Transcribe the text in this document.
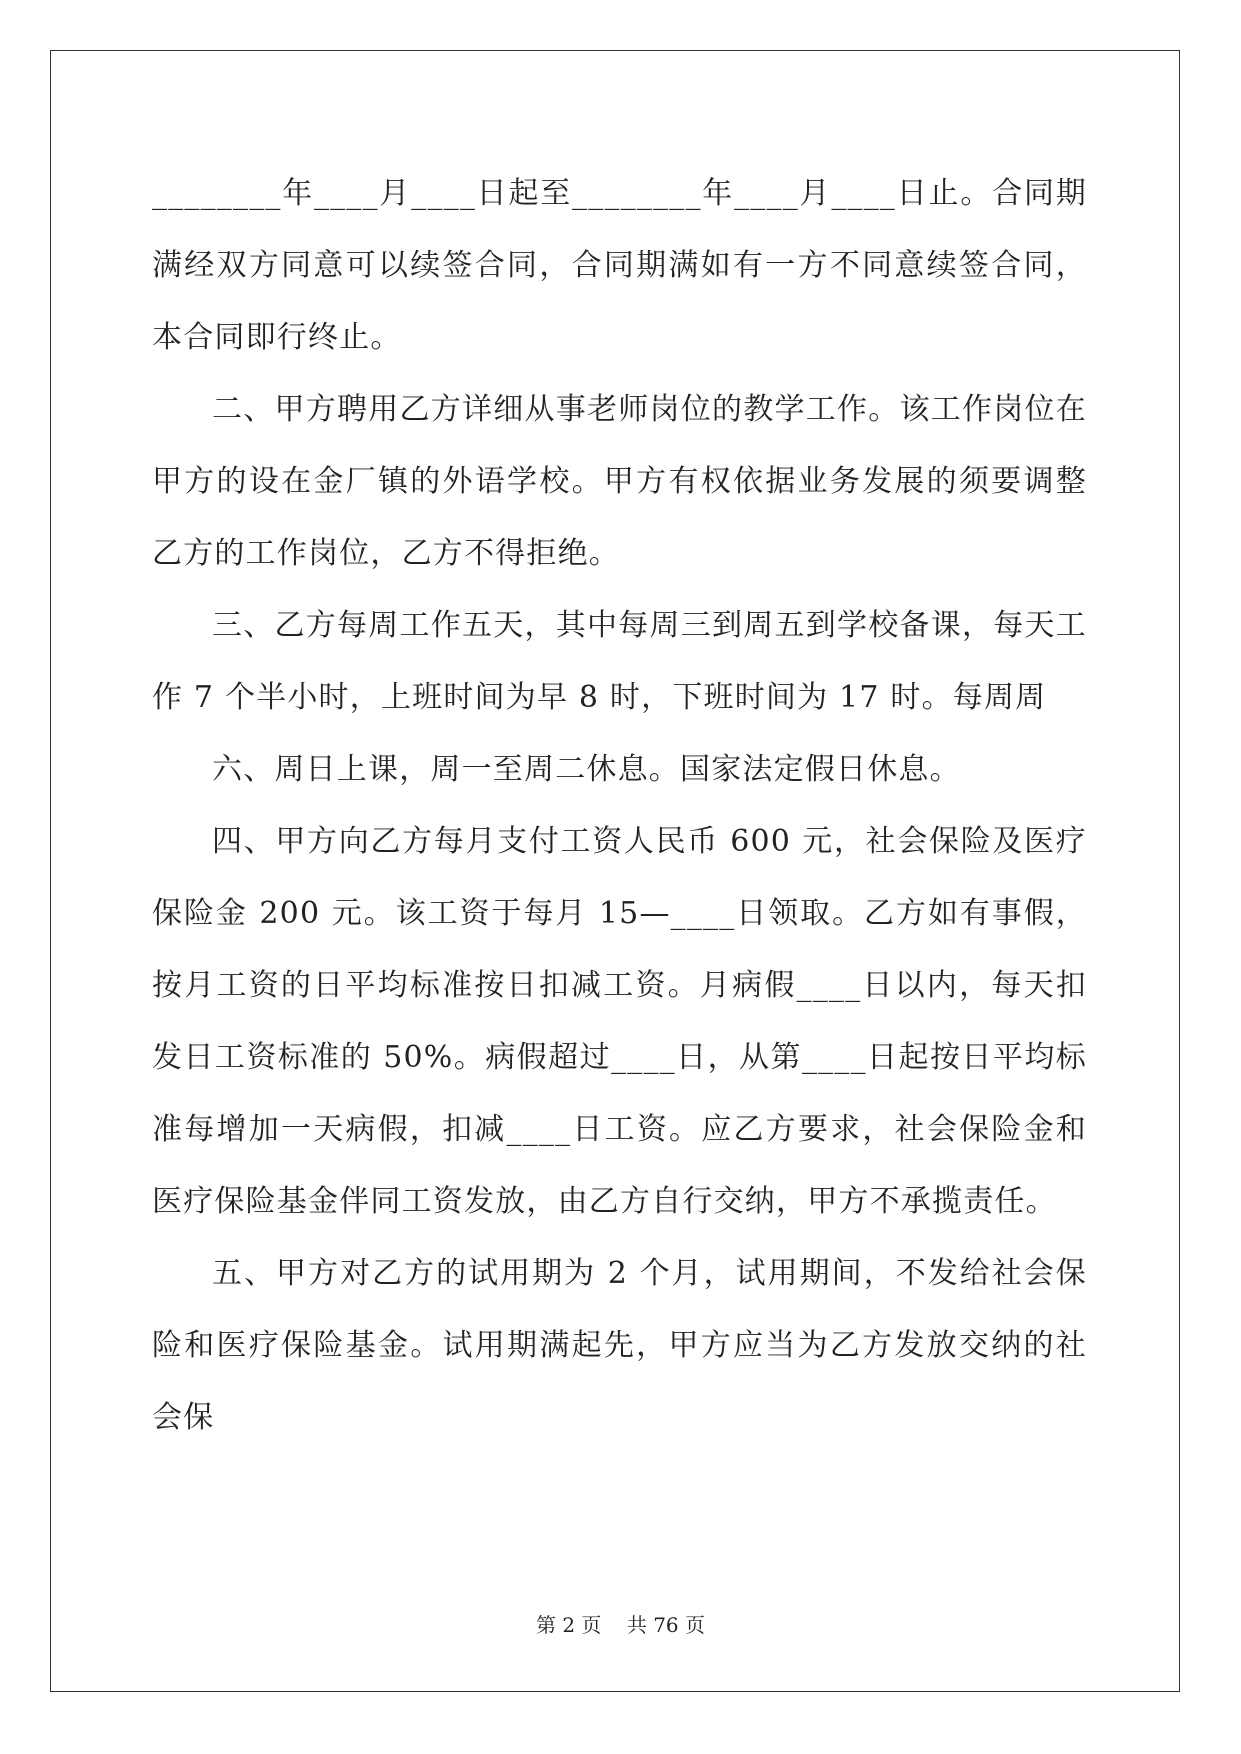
________年____月____日起至________年____月____日止。合同期满经双方同意可以续签合同，合同期满如有一方不同意续签合同，本合同即行终止。

二、甲方聘用乙方详细从事老师岗位的教学工作。该工作岗位在甲方的设在金厂镇的外语学校。甲方有权依据业务发展的须要调整乙方的工作岗位，乙方不得拒绝。

三、乙方每周工作五天，其中每周三到周五到学校备课，每天工作 7 个半小时，上班时间为早 8 时，下班时间为 17 时。每周周

六、周日上课，周一至周二休息。国家法定假日休息。

四、甲方向乙方每月支付工资人民币 600 元，社会保险及医疗保险金 200 元。该工资于每月 15—____日领取。乙方如有事假，按月工资的日平均标准按日扣减工资。月病假____日以内，每天扣发日工资标准的 50%。病假超过____日，从第____日起按日平均标准每增加一天病假，扣减____日工资。应乙方要求，社会保险金和医疗保险基金伴同工资发放，由乙方自行交纳，甲方不承揽责任。

五、甲方对乙方的试用期为 2 个月，试用期间，不发给社会保险和医疗保险基金。试用期满起先，甲方应当为乙方发放交纳的社会保

第 2 页    共 76 页
